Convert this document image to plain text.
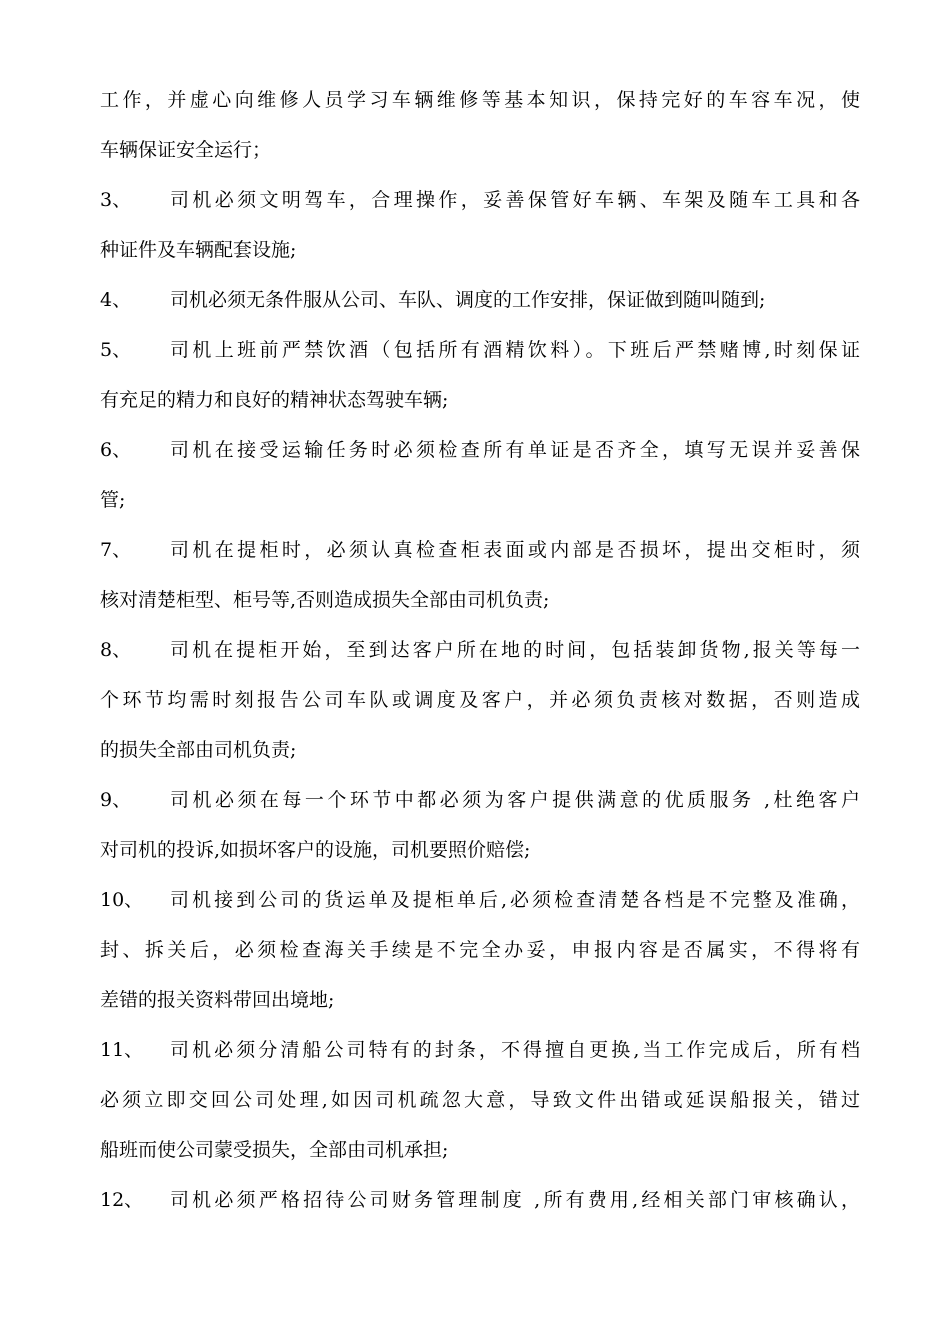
工作，并虚心向维修人员学习车辆维修等基本知识，保持完好的车容车况，使
车辆保证安全运行；
3、 司机必须文明驾车，合理操作，妥善保管好车辆、车架及随车工具和各
种证件及车辆配套设施;
4、 司机必须无条件服从公司、车队、调度的工作安排，保证做到随叫随到;
5、 司机上班前严禁饮酒（包括所有酒精饮料）。下班后严禁赌博,时刻保证
有充足的精力和良好的精神状态驾驶车辆;
6、 司机在接受运输任务时必须检查所有单证是否齐全，填写无误并妥善保
管;
7、 司机在提柜时，必须认真检查柜表面或内部是否损坏，提出交柜时，须
核对清楚柜型、柜号等,否则造成损失全部由司机负责;
8、 司机在提柜开始，至到达客户所在地的时间，包括装卸货物,报关等每一
个环节均需时刻报告公司车队或调度及客户，并必须负责核对数据，否则造成
的损失全部由司机负责;
9、 司机必须在每一个环节中都必须为客户提供满意的优质服务 ,杜绝客户
对司机的投诉,如损坏客户的设施，司机要照价赔偿;
10、 司机接到公司的货运单及提柜单后,必须检查清楚各档是不完整及准确，
封、拆关后，必须检查海关手续是不完全办妥，申报内容是否属实，不得将有
差错的报关资料带回出境地;
11、 司机必须分清船公司特有的封条，不得擅自更换,当工作完成后，所有档
必须立即交回公司处理,如因司机疏忽大意，导致文件出错或延误船报关，错过
船班而使公司蒙受损失，全部由司机承担;
12、 司机必须严格招待公司财务管理制度 ,所有费用,经相关部门审核确认，
